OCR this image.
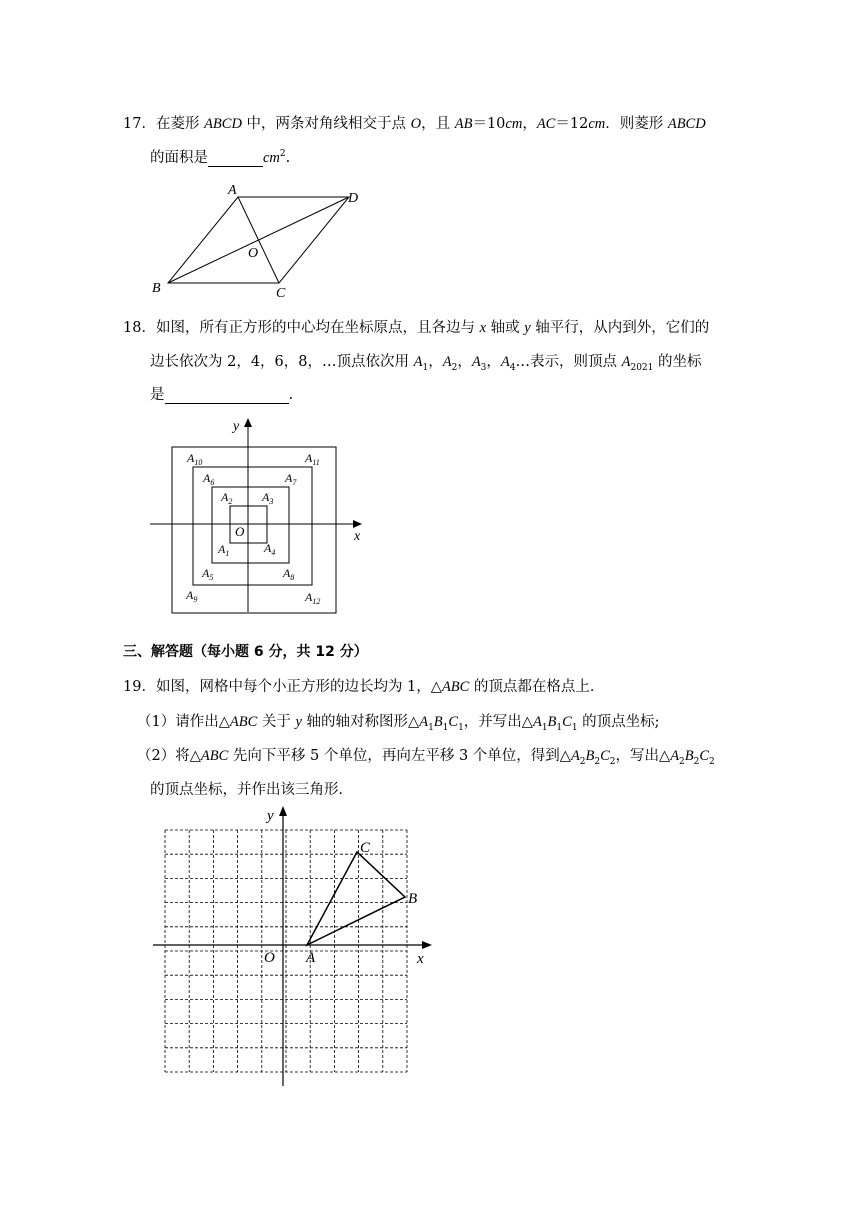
17．在菱形 ABCD 中，两条对角线相交于点 O，且 AB＝10cm，AC＝12cm．则菱形 ABCD
的面积是	$cm^2$.
A
D
O
B	C
18．如图，所有正方形的中心均在坐标原点，且各边与 x 轴或 y 轴平行，从内到外，它们的
边长依次为 2，4，6，8，…顶点依次用 $A_1$，$A_2$，$A_3$，$A_4\dots$表示，则顶点 $A_{2021}$ 的坐标
是	.
y
x
O
$A_1$
$A_2$ $A_3$
$A_4$
$A_5$
$A_6$	$A_7$
$A_8$
$A_9$
$A_{10}$	$A_{11}$
$A_{12}$
三、解答题（每小题 6 分，共 12 分）
19．如图，网格中每个小正方形的边长均为 1，△ABC 的顶点都在格点上．
（1）请作出△ABC 关于 y 轴的轴对称图形$\triangle A_1B_1C_1$，并写出$\triangle A_1B_1C_1$ 的顶点坐标;
（2）将△ABC 先向下平移 5 个单位，再向左平移 3 个单位，得到$\triangle A_2B_2C_2$，写出$\triangle A_2B_2C_2$
的顶点坐标，并作出该三角形．
y
x
O A
B
C
